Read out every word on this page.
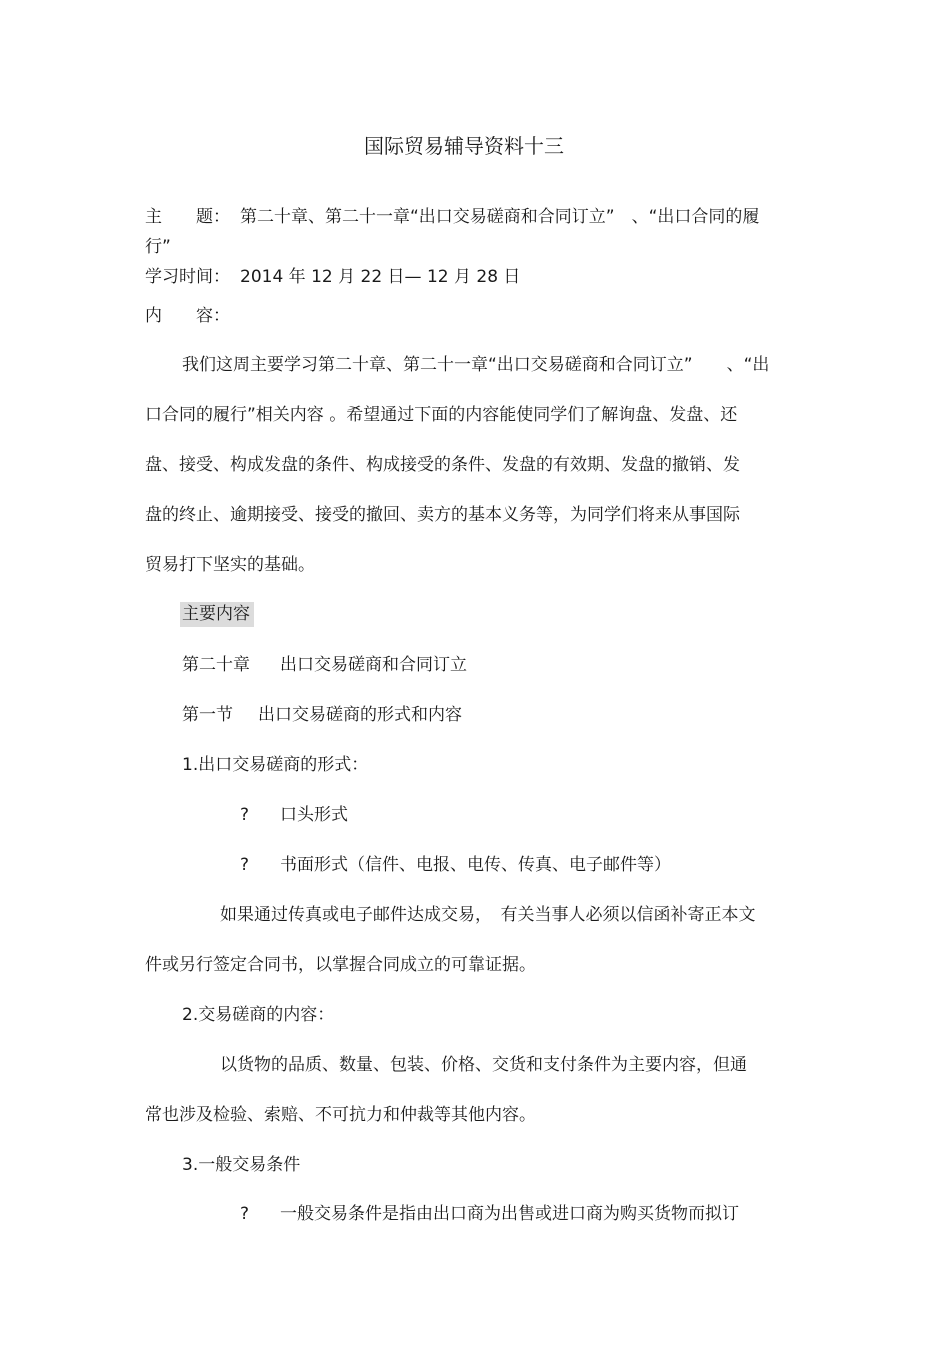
国际贸易辅导资料十三
主　　题： 第二十章、第二十一章“出口交易磋商和合同订立”　、“出口合同的履
行”
学习时间： 2014 年 12 月 22 日— 12 月 28 日
内　　容：
我们这周主要学习第二十章、第二十一章“出口交易磋商和合同订立”　　、“出
口合同的履行”相关内容 。希望通过下面的内容能使同学们了解询盘、发盘、还
盘、接受、构成发盘的条件、构成接受的条件、发盘的有效期、发盘的撤销、发
盘的终止、逾期接受、接受的撤回、卖方的基本义务等，为同学们将来从事国际
贸易打下坚实的基础。
主要内容
第二十章 出口交易磋商和合同订立
第一节 出口交易磋商的形式和内容
1.出口交易磋商的形式：
? 口头形式
? 书面形式（信件、电报、电传、传真、电子邮件等）
如果通过传真或电子邮件达成交易，　有关当事人必须以信函补寄正本文
件或另行签定合同书，以掌握合同成立的可靠证据。
2.交易磋商的内容：
以货物的品质、数量、包装、价格、交货和支付条件为主要内容，但通
常也涉及检验、索赔、不可抗力和仲裁等其他内容。
3.一般交易条件
? 一般交易条件是指由出口商为出售或进口商为购买货物而拟订
